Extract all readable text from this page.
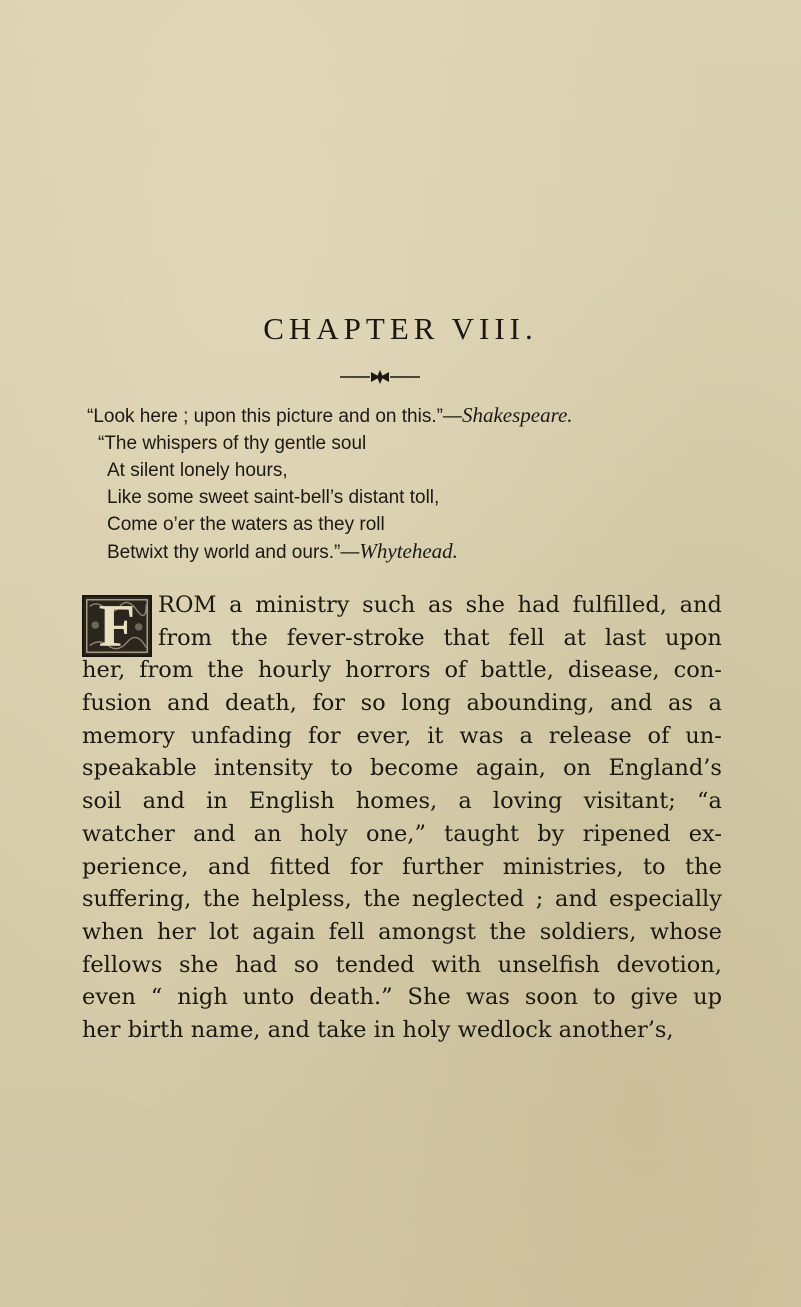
CHAPTER VIII.
“Look here ; upon this picture and on this.”—Shakespeare.
“The whispers of thy gentle soul
At silent lonely hours,
Like some sweet saint-bell’s distant toll,
Come o’er the waters as they roll
Betwixt thy world and ours.”—Whytehead.
F	ROM a ministry such as she had fulfilled, and
from the fever-stroke that fell at last upon
her, from the hourly horrors of battle, disease, con-
fusion and death, for so long abounding, and as a
memory unfading for ever, it was a release of un-
speakable intensity to become again, on England’s
soil and in English homes, a loving visitant; “a
watcher and an holy one,” taught by ripened ex-
perience, and fitted for further ministries, to the
suffering, the helpless, the neglected ; and especially
when her lot again fell amongst the soldiers, whose
fellows she had so tended with unselfish devotion,
even “ nigh unto death.” She was soon to give up
her birth name, and take in holy wedlock another’s,
